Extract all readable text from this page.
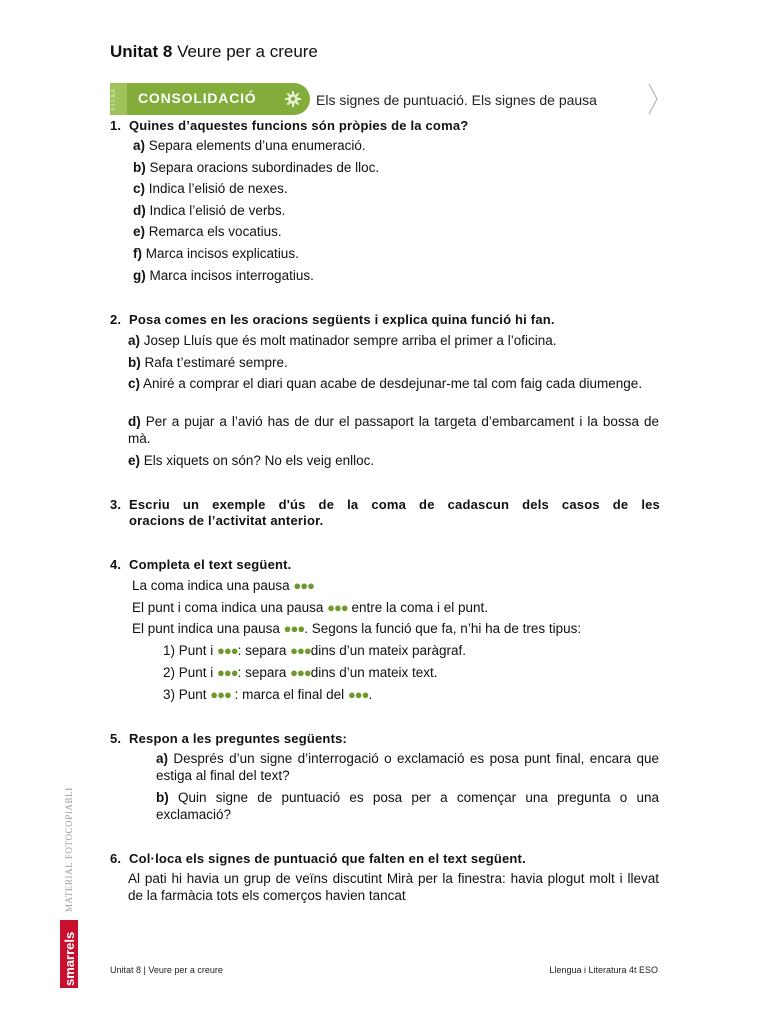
Unitat 8 Veure per a creure
FITXA	CONSOLIDACIÓ	Els signes de puntuació. Els signes de pausa
1. Quines d’aquestes funcions són pròpies de la coma?
a) Separa elements d’una enumeració.
b) Separa oracions subordinades de lloc.
c) Indica l’elisió de nexes.
d) Indica l’elisió de verbs.
e) Remarca els vocatius.
f) Marca incisos explicatius.
g) Marca incisos interrogatius.
2. Posa comes en les oracions següents i explica quina funció hi fan.
a) Josep Lluís que és molt matinador sempre arriba el primer a l’oficina.
b) Rafa t’estimaré sempre.
c) Aniré a comprar el diari quan acabe de desdejunar-me tal com faig cada diumenge.
d) Per a pujar a l’avió has de dur el passaport la targeta d’embarcament i la bossa de mà.
e) Els xiquets on són? No els veig enlloc.
3. Escriu un exemple d'ús de la coma de cadascun dels casos de les
oracions de l’activitat anterior.
4. Completa el text següent.
La coma indica una pausa ●●●
El punt i coma indica una pausa ●●● entre la coma i el punt.
El punt indica una pausa ●●●. Segons la funció que fa, n’hi ha de tres tipus:
1) Punt i ●●●: separa ●●●dins d’un mateix paràgraf.
2) Punt i ●●●: separa ●●●dins d’un mateix text.
3) Punt ●●● : marca el final del ●●●.
5. Respon a les preguntes següents:
a) Després d’un signe d’interrogació o exclamació es posa punt final, encara que estiga al final del text?
b) Quin signe de puntuació es posa per a començar una pregunta o una exclamació?
6. Col·loca els signes de puntuació que falten en el text següent.
Al pati hi havia un grup de veïns discutint Mirà per la finestra: havia plogut molt i llevat de la farmàcia tots els comerços havien tancat
smarrels
MATERIAL FOTOCOPIABLE
Unitat 8 | Veure per a creure	Llengua i Literatura 4t ESO
